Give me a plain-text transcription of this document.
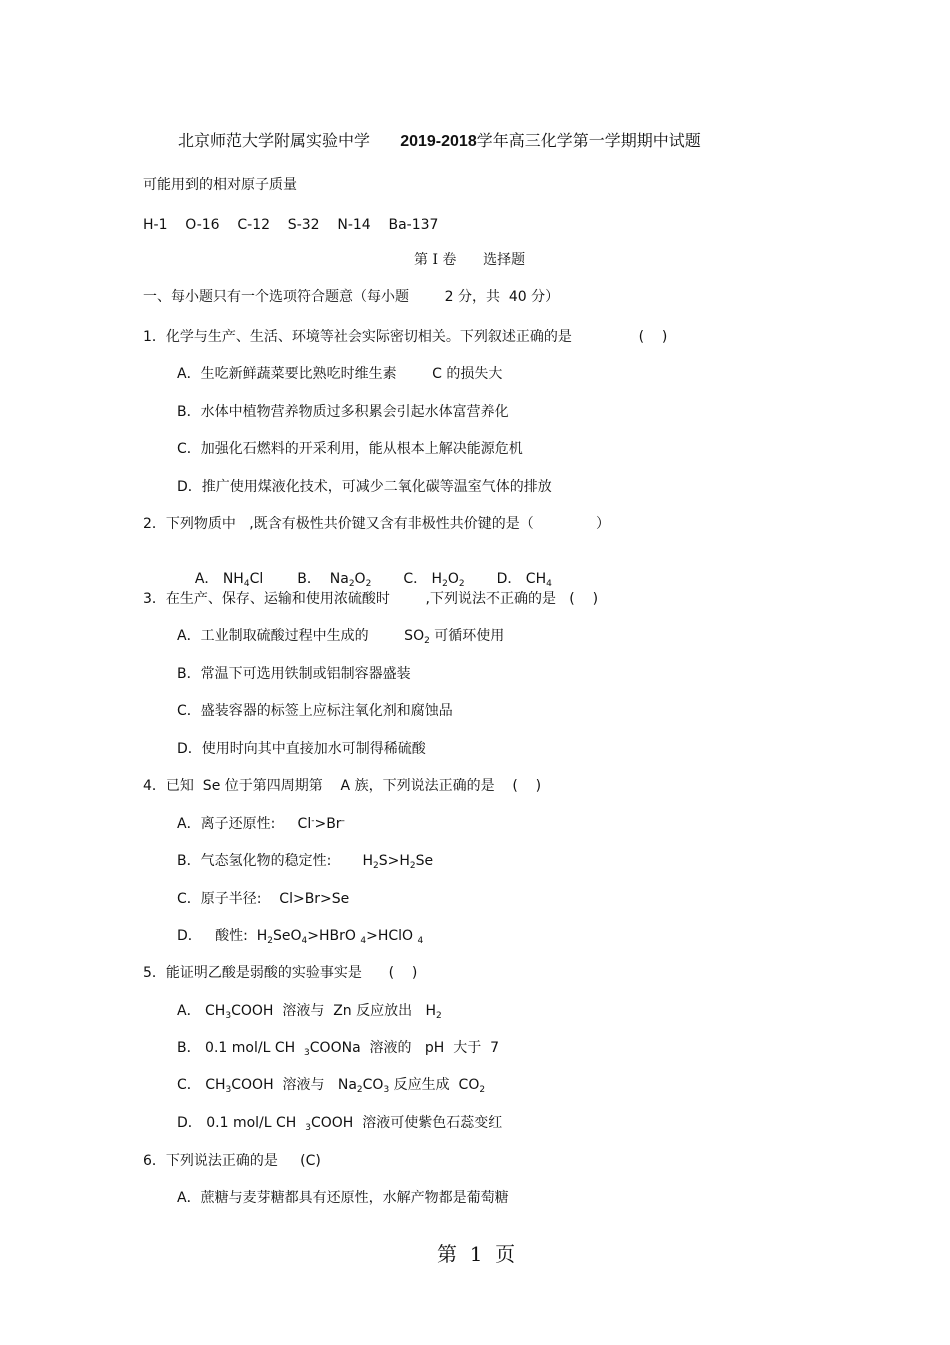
北京师范大学附属实验中学 2019-2018学年高三化学第一学期期中试题
可能用到的相对原子质量
H-1    O-16    C-12    S-32    N-14    Ba-137
第 I 卷      选择题
一、每小题只有一个选项符合题意（每小题        2 分，共  40 分）
1．化学与生产、生活、环境等社会实际密切相关。下列叙述正确的是               (    )
A．生吃新鲜蔬菜要比熟吃时维生素        C 的损失大
B．水体中植物营养物质过多积累会引起水体富营养化
C．加强化石燃料的开采利用，能从根本上解决能源危机
D．推广使用煤液化技术，可减少二氧化碳等温室气体的排放
2．下列物质中   ,既含有极性共价键又含有非极性共价键的是（              ）

A． $NH_4Cl$ B．  $Na_2O_2$ C． $H_2O_2$ D． $CH_4$

3．在生产、保存、运输和使用浓硫酸时        ,下列说法不正确的是   (    )
A．工业制取硫酸过程中生成的        $SO_2$ 可循环使用
B．常温下可选用铁制或铝制容器盛装
C．盛装容器的标签上应标注氧化剂和腐蚀品
D．使用时向其中直接加水可制得稀硫酸
4．已知  Se 位于第四周期第    A 族，下列说法正确的是    (    )
A．离子还原性:     Cl->Br-
B．气态氢化物的稳定性:       $H_2S>H_2Se$
C．原子半径:    Cl>Br>Se
D．   酸性:  $H_2SeO_4>HBrO$ $_4$>HClO $_4$
5．能证明乙酸是弱酸的实验事实是      (    )
A． $CH_3COOH$  溶液与  Zn 反应放出   $H_2$
B． 0.1 mol/L CH  $_3$COONa  溶液的   pH  大于  7
C． $CH_3COOH$  溶液与   $Na_2CO_3$ 反应生成  $CO_2$
D． 0.1 mol/L CH  $_3$COOH  溶液可使紫色石蕊变红
6．下列说法正确的是     (C)
A．蔗糖与麦芽糖都具有还原性，水解产物都是葡萄糖
第  1  页
